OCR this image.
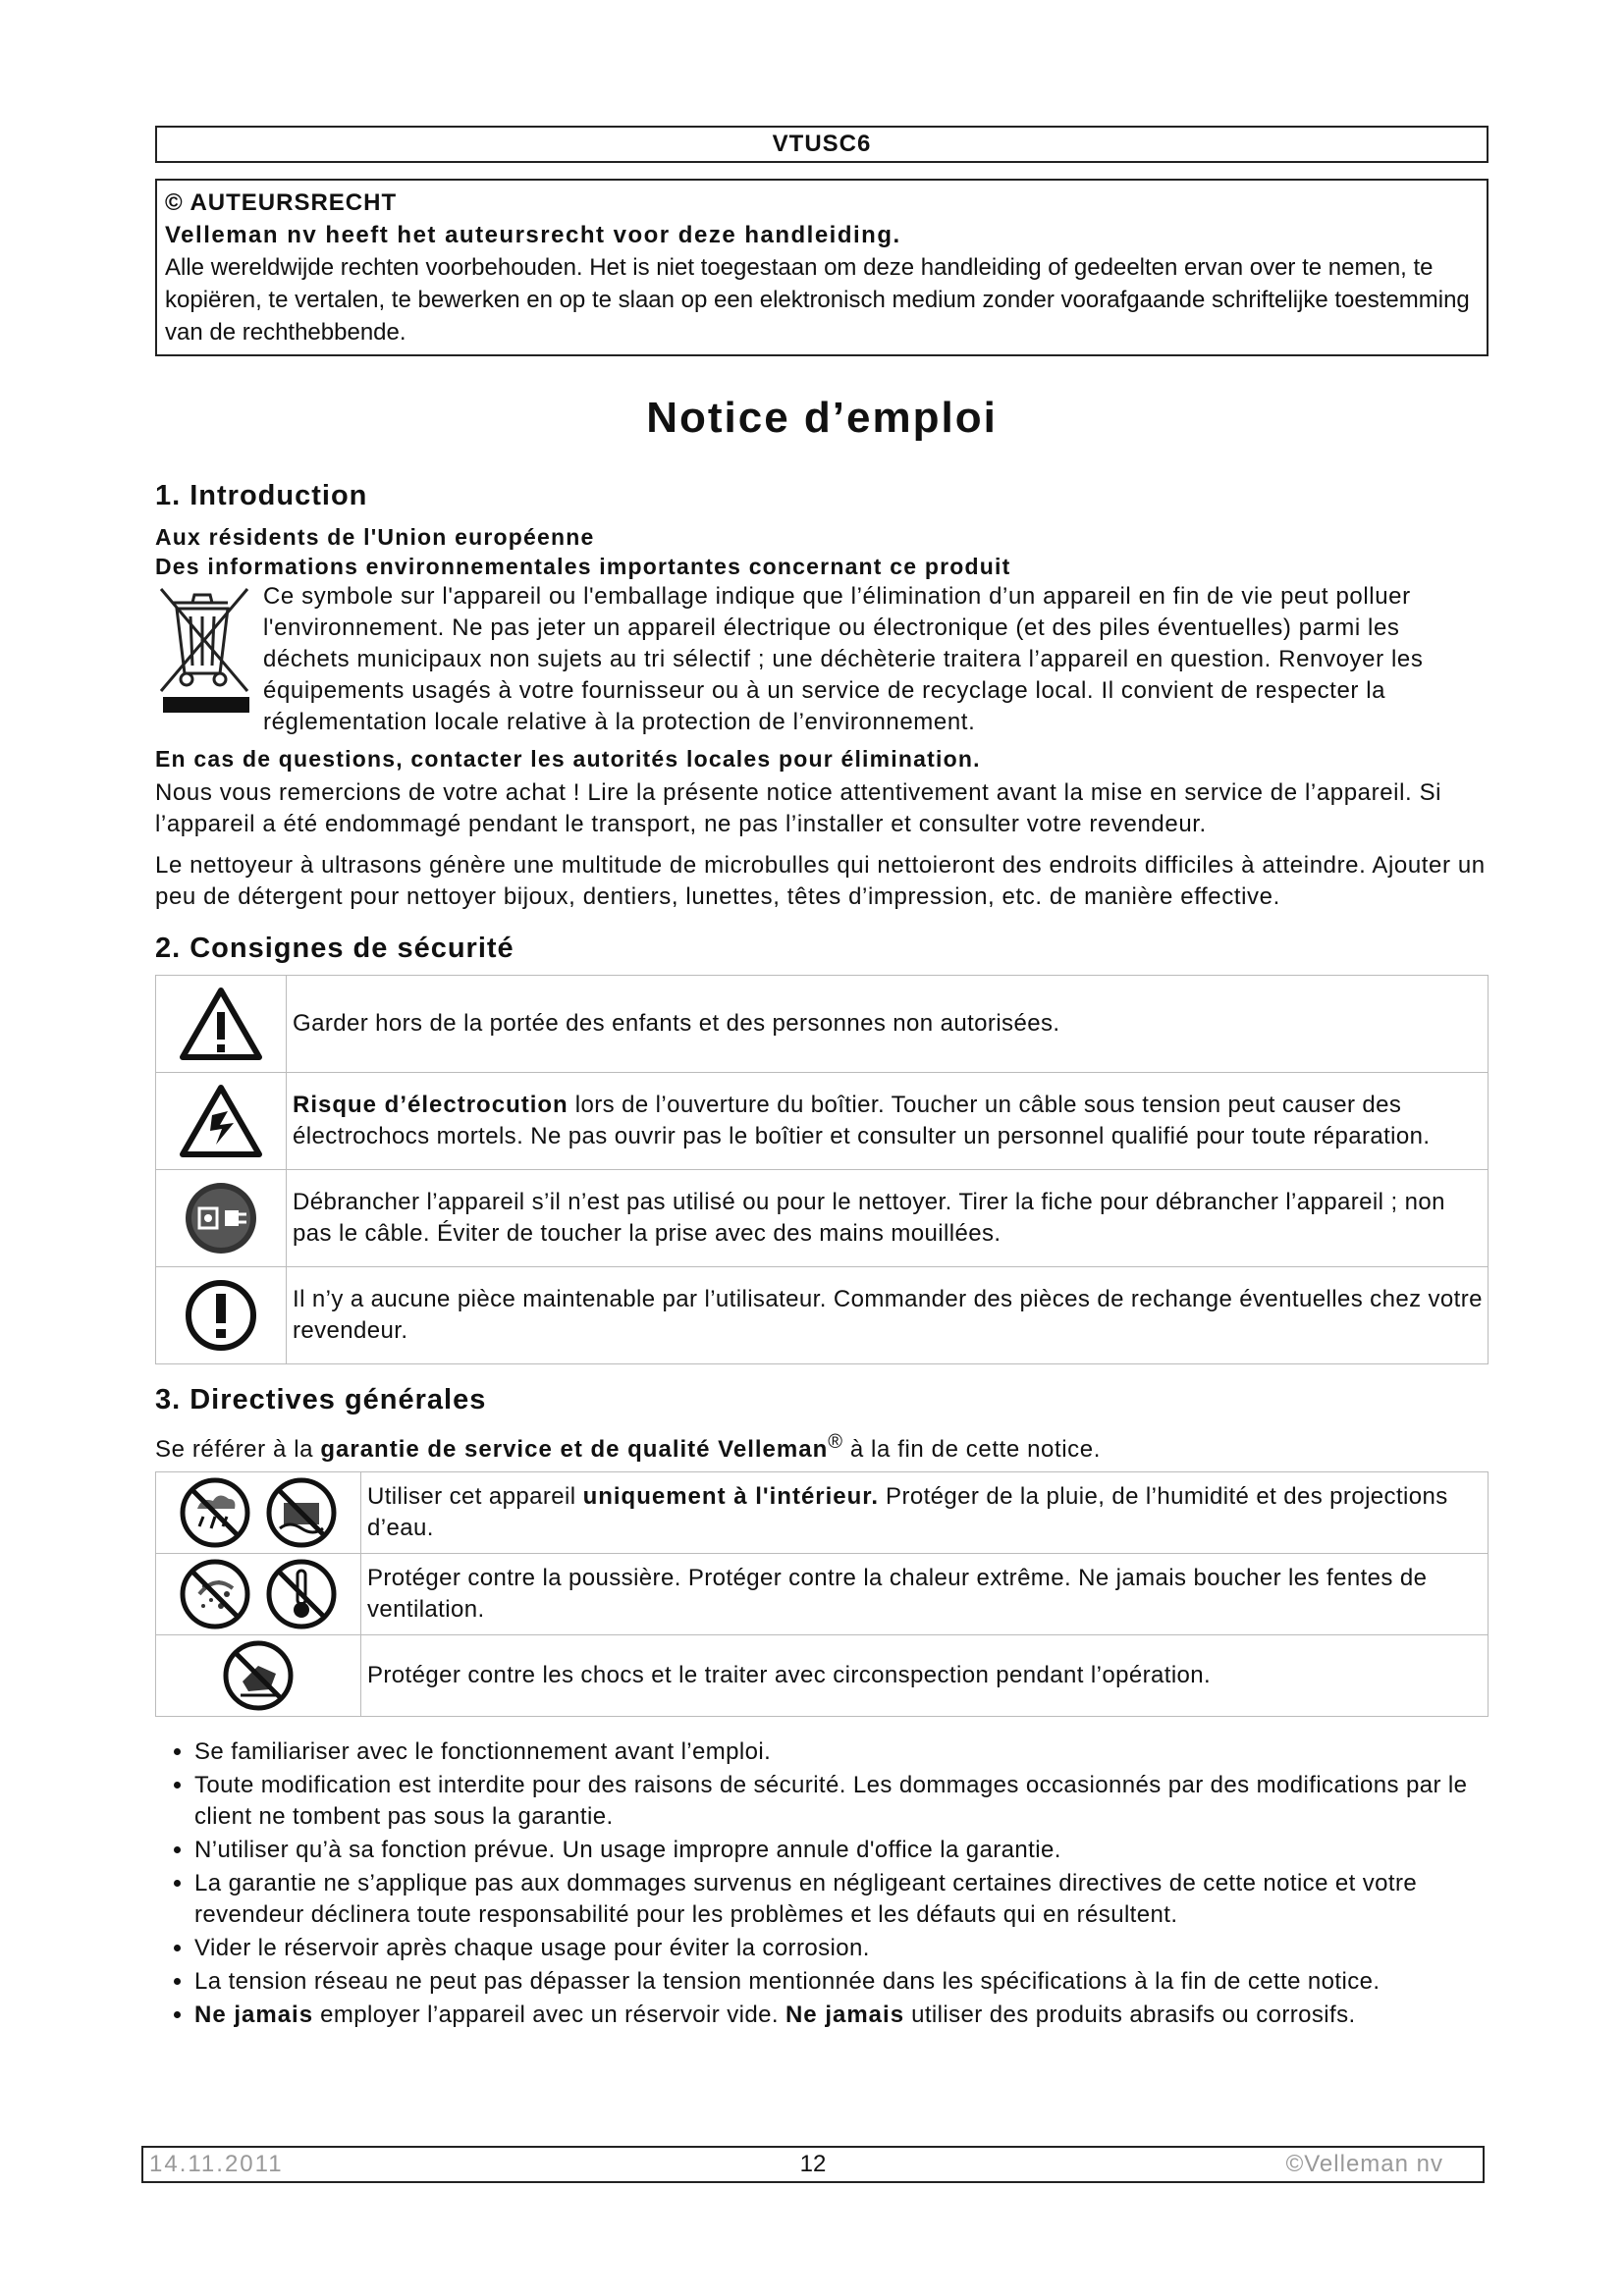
VTUSC6

© AUTEURSRECHT

Velleman nv heeft het auteursrecht voor deze handleiding.

Alle wereldwijde rechten voorbehouden. Het is niet toegestaan om deze handleiding of gedeelten ervan over te nemen, te kopiëren, te vertalen, te bewerken en op te slaan op een elektronisch medium zonder voorafgaande schriftelijke toestemming van de rechthebbende.

Notice d’emploi
1. Introduction
Aux résidents de l'Union européenne
Des informations environnementales importantes concernant ce produit

Ce symbole sur l'appareil ou l'emballage indique que l’élimination d’un appareil en fin de vie peut polluer l'environnement. Ne pas jeter un appareil électrique ou électronique (et des piles éventuelles) parmi les déchets municipaux non sujets au tri sélectif ; une déchèterie traitera l’appareil en question. Renvoyer les équipements usagés à votre fournisseur ou à un service de recyclage local. Il convient de respecter la réglementation locale relative à la protection de l’environnement.

En cas de questions, contacter les autorités locales pour élimination.

Nous vous remercions de votre achat ! Lire la présente notice attentivement avant la mise en service de l’appareil. Si l’appareil a été endommagé pendant le transport, ne pas l’installer et consulter votre revendeur.

Le nettoyeur à ultrasons génère une multitude de microbulles qui nettoieront des endroits difficiles à atteindre. Ajouter un peu de détergent pour nettoyer bijoux, dentiers, lunettes, têtes d’impression, etc. de manière effective.

2. Consignes de sécurité
	Garder hors de la portée des enfants et des personnes non autorisées.
	Risque d’électrocution lors de l’ouverture du boîtier. Toucher un câble sous tension peut causer des électrochocs mortels. Ne pas ouvrir pas le boîtier et consulter un personnel qualifié pour toute réparation.
	Débrancher l’appareil s’il n’est pas utilisé ou pour le nettoyer. Tirer la fiche pour débrancher l’appareil ; non pas le câble. Éviter de toucher la prise avec des mains mouillées.
	Il n’y a aucune pièce maintenable par l’utilisateur. Commander des pièces de rechange éventuelles chez votre revendeur.
3. Directives générales
Se référer à la garantie de service et de qualité Velleman® à la fin de cette notice.
	Utiliser cet appareil uniquement à l'intérieur. Protéger de la pluie, de l’humidité et des projections d’eau.
	Protéger contre la poussière. Protéger contre la chaleur extrême. Ne jamais boucher les fentes de ventilation.
	Protéger contre les chocs et le traiter avec circonspection pendant l’opération.
• Se familiariser avec le fonctionnement avant l’emploi.
• Toute modification est interdite pour des raisons de sécurité. Les dommages occasionnés par des modifications par le client ne tombent pas sous la garantie.
• N’utiliser qu’à sa fonction prévue. Un usage impropre annule d'office la garantie.
• La garantie ne s’applique pas aux dommages survenus en négligeant certaines directives de cette notice et votre revendeur déclinera toute responsabilité pour les problèmes et les défauts qui en résultent.
• Vider le réservoir après chaque usage pour éviter la corrosion.
• La tension réseau ne peut pas dépasser la tension mentionnée dans les spécifications à la fin de cette notice.
• Ne jamais employer l’appareil avec un réservoir vide. Ne jamais utiliser des produits abrasifs ou corrosifs.
14.11.2011	12	©Velleman nv
